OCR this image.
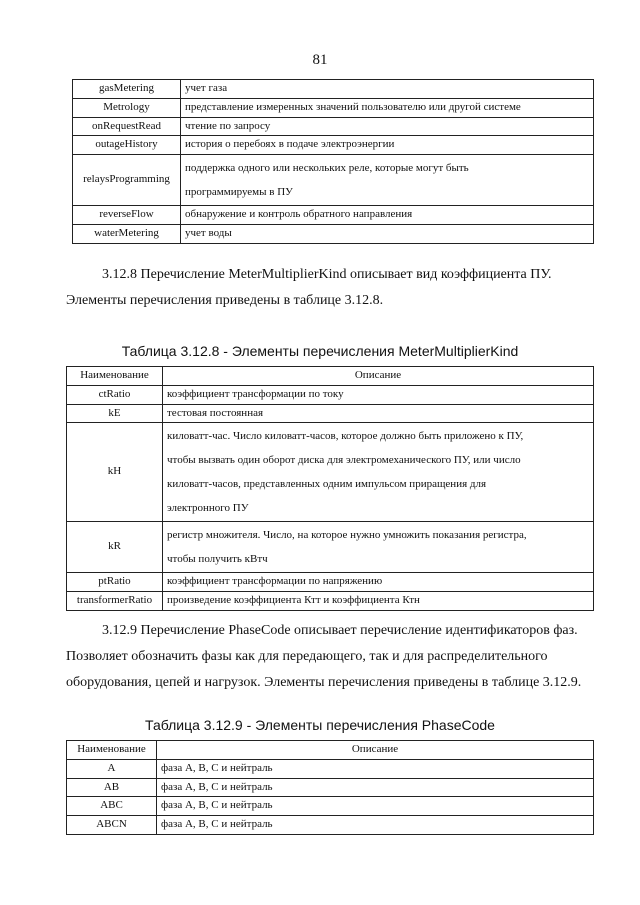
81
gasMetering	учет газа

Metrology	представление измеренных значений пользователю или другой системе

onRequestRead	чтение по запросу

outageHistory	история о перебоях в подаче электроэнергии

relaysProgramming	поддержка одного или нескольких реле, которые могут быть
программируемы в ПУ

reverseFlow	обнаружение и контроль обратного направления

waterMetering	учет воды
3.12.8 Перечисление MeterMultiplierKind описывает вид коэффициента ПУ.
Элементы перечисления приведены в таблице 3.12.8.
Таблица 3.12.8 - Элементы перечисления MeterMultiplierKind
Наименование	Описание
ctRatio	коэффициент трансформации по току

kE	тестовая постоянная

kH	киловатт-час. Число киловатт-часов, которое должно быть приложено к ПУ,
чтобы вызвать один оборот диска для электромеханического ПУ, или число
киловатт-часов, представленных одним импульсом приращения для
электронного ПУ

kR	регистр множителя. Число, на которое нужно умножить показания регистра,
чтобы получить кВтч

ptRatio	коэффициент трансформации по напряжению

transformerRatio	произведение коэффициента Ктт и коэффициента Ктн
3.12.9 Перечисление PhaseCode описывает перечисление идентификаторов фаз.
Позволяет обозначить фазы как для передающего, так и для распределительного
оборудования, цепей и нагрузок. Элементы перечисления приведены в таблице 3.12.9.
Таблица 3.12.9 - Элементы перечисления PhaseCode
Наименование	Описание
A	фаза А, В, С и нейтраль

AB	фаза А, В, С и нейтраль

ABC	фаза А, В, С и нейтраль

ABCN	фаза А, В, С и нейтраль
